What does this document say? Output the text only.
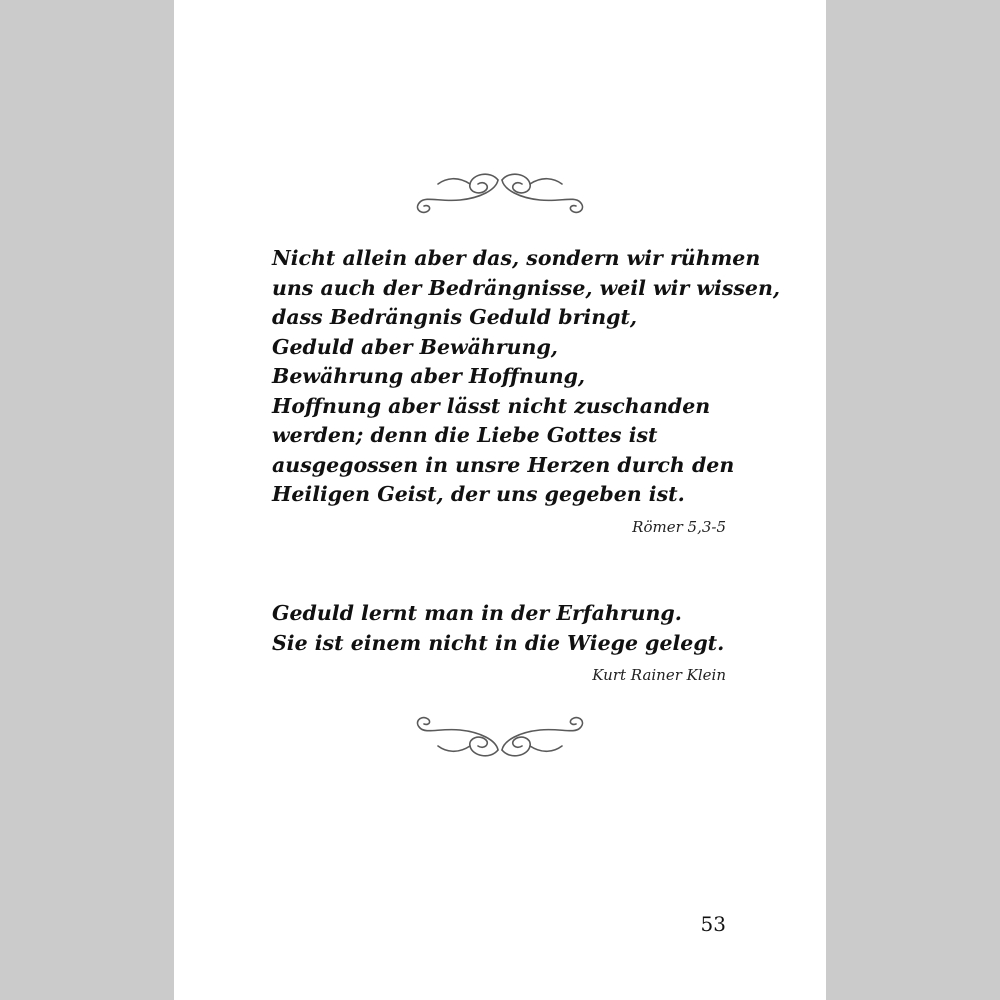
Nicht allein aber das, sondern wir rühmen
uns auch der Bedrängnisse, weil wir wissen,
dass Bedrängnis Geduld bringt,
Geduld aber Bewährung,
Bewährung aber Hoffnung,
Hoffnung aber lässt nicht zuschanden
werden; denn die Liebe Gottes ist
ausgegossen in unsre Herzen durch den
Heiligen Geist, der uns gegeben ist.
Römer 5,3-5
Geduld lernt man in der Erfahrung.
Sie ist einem nicht in die Wiege gelegt.
Kurt Rainer Klein
53
